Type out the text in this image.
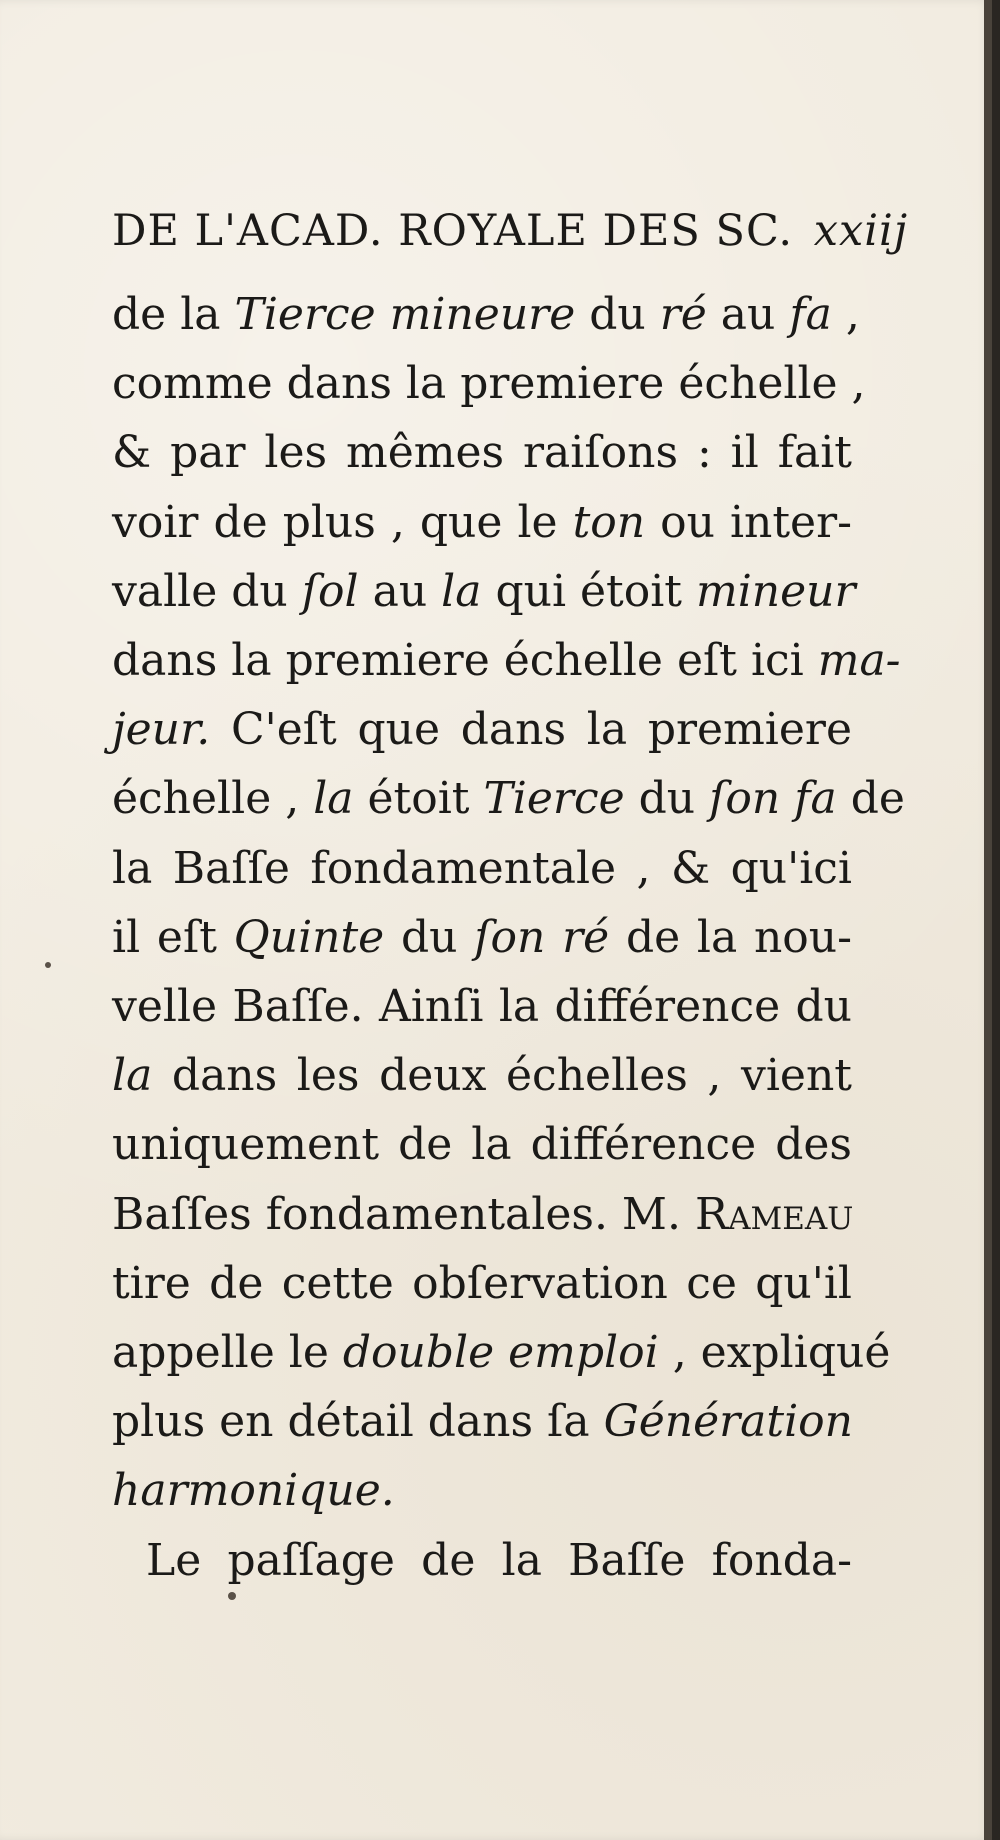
DE L'ACAD. ROYALE DES SC. xxiij
de la Tierce mineure du ré au fa ,
comme dans la premiere échelle ,
& par les mêmes raiſons : il fait
voir de plus , que le ton ou inter-
valle du ſol au la qui étoit mineur
dans la premiere échelle eſt ici ma-
jeur. C'eſt que dans la premiere
échelle , la étoit Tierce du ſon fa de
la Baſſe fondamentale , & qu'ici
il eſt Quinte du ſon ré de la nou-
velle Baſſe. Ainſi la différence du
la dans les deux échelles , vient
uniquement de la différence des
Baſſes fondamentales. M. Rameau
tire de cette obſervation ce qu'il
appelle le double emploi , expliqué
plus en détail dans ſa Génération
harmonique.
Le paſſage de la Baſſe fonda-
